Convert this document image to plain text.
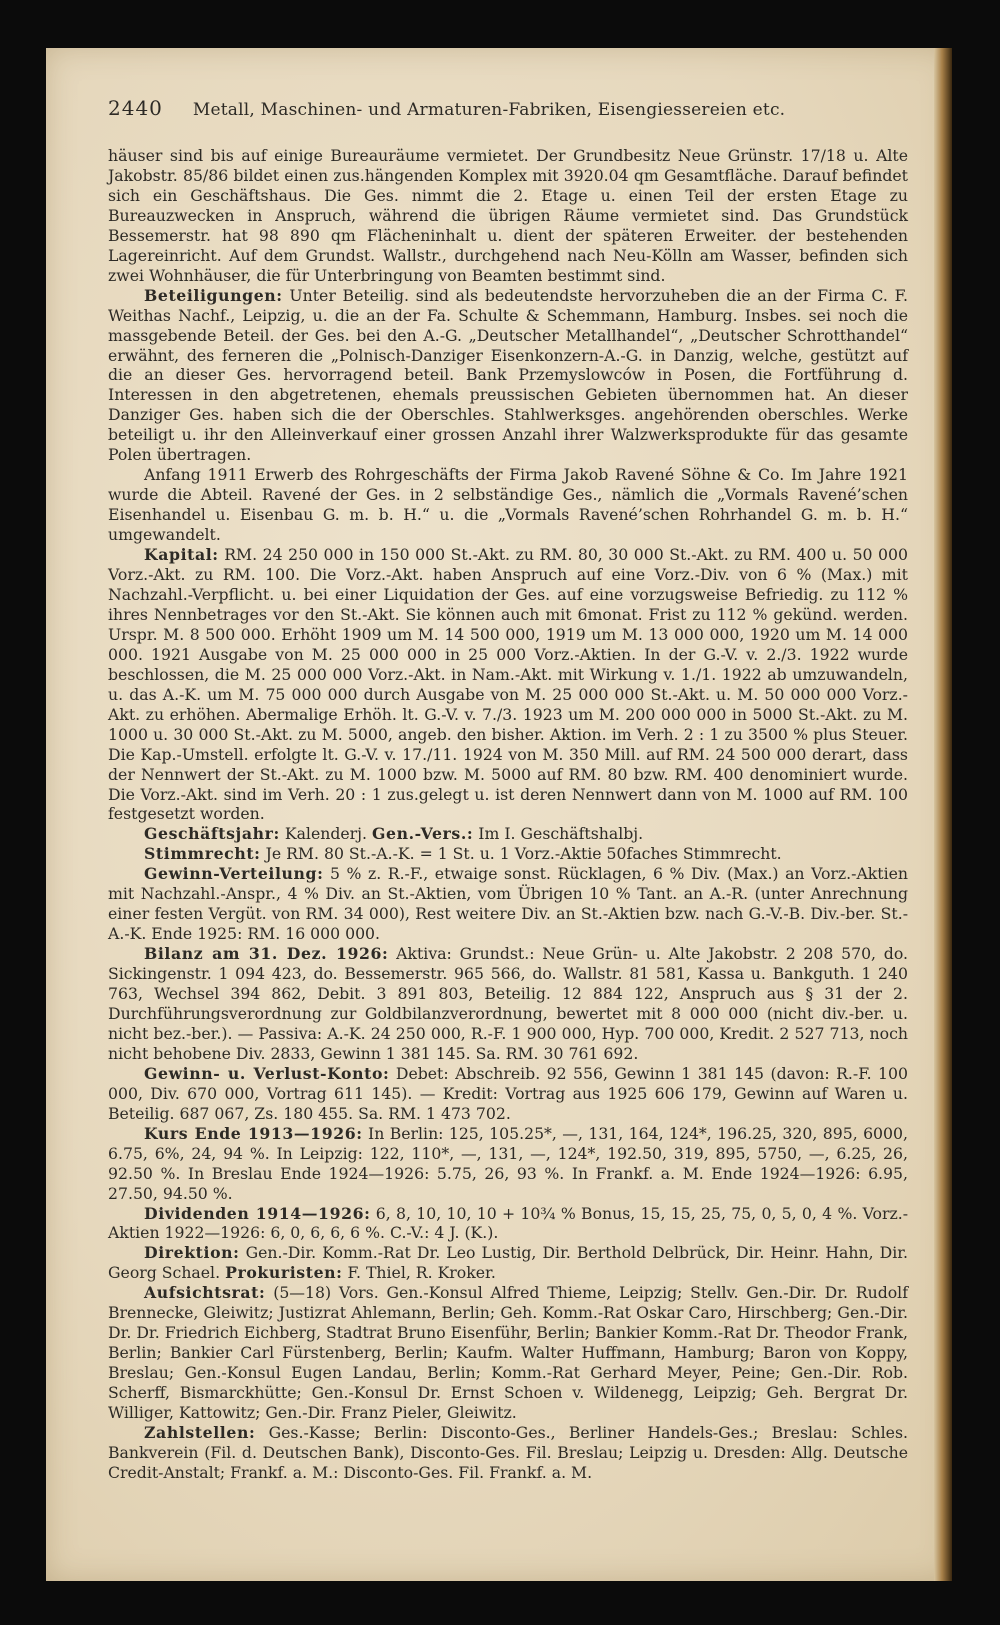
2440 Metall, Maschinen- und Armaturen-Fabriken, Eisengiessereien etc.

häuser sind bis auf einige Bureauräume vermietet. Der Grundbesitz Neue Grünstr. 17/18 u. Alte Jakobstr. 85/86 bildet einen zus.hängenden Komplex mit 3920.04 qm Gesamtfläche. Darauf befindet sich ein Geschäftshaus. Die Ges. nimmt die 2. Etage u. einen Teil der ersten Etage zu Bureauzwecken in Anspruch, während die übrigen Räume vermietet sind. Das Grundstück Bessemerstr. hat 98 890 qm Flächeninhalt u. dient der späteren Erweiter. der bestehenden Lagereinricht. Auf dem Grundst. Wallstr., durchgehend nach Neu-Kölln am Wasser, befinden sich zwei Wohnhäuser, die für Unterbringung von Beamten bestimmt sind.

Beteiligungen: Unter Beteilig. sind als bedeutendste hervorzuheben die an der Firma C. F. Weithas Nachf., Leipzig, u. die an der Fa. Schulte & Schemmann, Hamburg. Insbes. sei noch die massgebende Beteil. der Ges. bei den A.-G. „Deutscher Metallhandel“, „Deutscher Schrotthandel“ erwähnt, des ferneren die „Polnisch-Danziger Eisenkonzern-A.-G. in Danzig, welche, gestützt auf die an dieser Ges. hervorragend beteil. Bank Przemyslowców in Posen, die Fortführung d. Interessen in den abgetretenen, ehemals preussischen Gebieten übernommen hat. An dieser Danziger Ges. haben sich die der Oberschles. Stahlwerksges. angehörenden oberschles. Werke beteiligt u. ihr den Alleinverkauf einer grossen Anzahl ihrer Walzwerksprodukte für das gesamte Polen übertragen.

Anfang 1911 Erwerb des Rohrgeschäfts der Firma Jakob Ravené Söhne & Co. Im Jahre 1921 wurde die Abteil. Ravené der Ges. in 2 selbständige Ges., nämlich die „Vormals Ravené’schen Eisenhandel u. Eisenbau G. m. b. H.“ u. die „Vormals Ravené’schen Rohrhandel G. m. b. H.“ umgewandelt.

Kapital: RM. 24 250 000 in 150 000 St.-Akt. zu RM. 80, 30 000 St.-Akt. zu RM. 400 u. 50 000 Vorz.-Akt. zu RM. 100. Die Vorz.-Akt. haben Anspruch auf eine Vorz.-Div. von 6 % (Max.) mit Nachzahl.-Verpflicht. u. bei einer Liquidation der Ges. auf eine vorzugsweise Befriedig. zu 112 % ihres Nennbetrages vor den St.-Akt. Sie können auch mit 6monat. Frist zu 112 % gekünd. werden. Urspr. M. 8 500 000. Erhöht 1909 um M. 14 500 000, 1919 um M. 13 000 000, 1920 um M. 14 000 000. 1921 Ausgabe von M. 25 000 000 in 25 000 Vorz.-Aktien. In der G.-V. v. 2./3. 1922 wurde beschlossen, die M. 25 000 000 Vorz.-Akt. in Nam.-Akt. mit Wirkung v. 1./1. 1922 ab umzuwandeln, u. das A.-K. um M. 75 000 000 durch Ausgabe von M. 25 000 000 St.-Akt. u. M. 50 000 000 Vorz.-Akt. zu erhöhen. Abermalige Erhöh. lt. G.-V. v. 7./3. 1923 um M. 200 000 000 in 5000 St.-Akt. zu M. 1000 u. 30 000 St.-Akt. zu M. 5000, angeb. den bisher. Aktion. im Verh. 2 : 1 zu 3500 % plus Steuer. Die Kap.-Umstell. erfolgte lt. G.-V. v. 17./11. 1924 von M. 350 Mill. auf RM. 24 500 000 derart, dass der Nennwert der St.-Akt. zu M. 1000 bzw. M. 5000 auf RM. 80 bzw. RM. 400 denominiert wurde. Die Vorz.-Akt. sind im Verh. 20 : 1 zus.gelegt u. ist deren Nennwert dann von M. 1000 auf RM. 100 festgesetzt worden.

Geschäftsjahr: Kalenderj. Gen.-Vers.: Im I. Geschäftshalbj.

Stimmrecht: Je RM. 80 St.-A.-K. = 1 St. u. 1 Vorz.-Aktie 50faches Stimmrecht.

Gewinn-Verteilung: 5 % z. R.-F., etwaige sonst. Rücklagen, 6 % Div. (Max.) an Vorz.-Aktien mit Nachzahl.-Anspr., 4 % Div. an St.-Aktien, vom Übrigen 10 % Tant. an A.-R. (unter Anrechnung einer festen Vergüt. von RM. 34 000), Rest weitere Div. an St.-Aktien bzw. nach G.-V.-B. Div.-ber. St.-A.-K. Ende 1925: RM. 16 000 000.

Bilanz am 31. Dez. 1926: Aktiva: Grundst.: Neue Grün- u. Alte Jakobstr. 2 208 570, do. Sickingenstr. 1 094 423, do. Bessemerstr. 965 566, do. Wallstr. 81 581, Kassa u. Bankguth. 1 240 763, Wechsel 394 862, Debit. 3 891 803, Beteilig. 12 884 122, Anspruch aus § 31 der 2. Durchführungsverordnung zur Goldbilanzverordnung, bewertet mit 8 000 000 (nicht div.-ber. u. nicht bez.-ber.). — Passiva: A.-K. 24 250 000, R.-F. 1 900 000, Hyp. 700 000, Kredit. 2 527 713, noch nicht behobene Div. 2833, Gewinn 1 381 145. Sa. RM. 30 761 692.

Gewinn- u. Verlust-Konto: Debet: Abschreib. 92 556, Gewinn 1 381 145 (davon: R.-F. 100 000, Div. 670 000, Vortrag 611 145). — Kredit: Vortrag aus 1925 606 179, Gewinn auf Waren u. Beteilig. 687 067, Zs. 180 455. Sa. RM. 1 473 702.

Kurs Ende 1913—1926: In Berlin: 125, 105.25*, —, 131, 164, 124*, 196.25, 320, 895, 6000, 6.75, 6%, 24, 94 %. In Leipzig: 122, 110*, —, 131, —, 124*, 192.50, 319, 895, 5750, —, 6.25, 26, 92.50 %. In Breslau Ende 1924—1926: 5.75, 26, 93 %. In Frankf. a. M. Ende 1924—1926: 6.95, 27.50, 94.50 %.

Dividenden 1914—1926: 6, 8, 10, 10, 10 + 10¾ % Bonus, 15, 15, 25, 75, 0, 5, 0, 4 %. Vorz.-Aktien 1922—1926: 6, 0, 6, 6, 6 %. C.-V.: 4 J. (K.).

Direktion: Gen.-Dir. Komm.-Rat Dr. Leo Lustig, Dir. Berthold Delbrück, Dir. Heinr. Hahn, Dir. Georg Schael. Prokuristen: F. Thiel, R. Kroker.

Aufsichtsrat: (5—18) Vors. Gen.-Konsul Alfred Thieme, Leipzig; Stellv. Gen.-Dir. Dr. Rudolf Brennecke, Gleiwitz; Justizrat Ahlemann, Berlin; Geh. Komm.-Rat Oskar Caro, Hirschberg; Gen.-Dir. Dr. Dr. Friedrich Eichberg, Stadtrat Bruno Eisenführ, Berlin; Bankier Komm.-Rat Dr. Theodor Frank, Berlin; Bankier Carl Fürstenberg, Berlin; Kaufm. Walter Huffmann, Hamburg; Baron von Koppy, Breslau; Gen.-Konsul Eugen Landau, Berlin; Komm.-Rat Gerhard Meyer, Peine; Gen.-Dir. Rob. Scherff, Bismarckhütte; Gen.-Konsul Dr. Ernst Schoen v. Wildenegg, Leipzig; Geh. Bergrat Dr. Williger, Kattowitz; Gen.-Dir. Franz Pieler, Gleiwitz.

Zahlstellen: Ges.-Kasse; Berlin: Disconto-Ges., Berliner Handels-Ges.; Breslau: Schles. Bankverein (Fil. d. Deutschen Bank), Disconto-Ges. Fil. Breslau; Leipzig u. Dresden: Allg. Deutsche Credit-Anstalt; Frankf. a. M.: Disconto-Ges. Fil. Frankf. a. M.
